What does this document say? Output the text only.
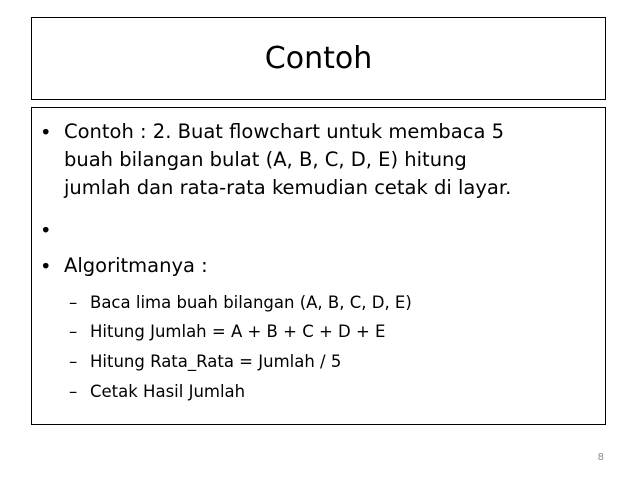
Contoh
• Contoh : 2. Buat flowchart untuk membaca 5
buah bilangan bulat (A, B, C, D, E) hitung
jumlah dan rata-rata kemudian cetak di layar.
•
• Algoritmanya :
– Baca lima buah bilangan (A, B, C, D, E)
– Hitung Jumlah = A + B + C + D + E
– Hitung Rata_Rata = Jumlah / 5
– Cetak Hasil Jumlah
8
